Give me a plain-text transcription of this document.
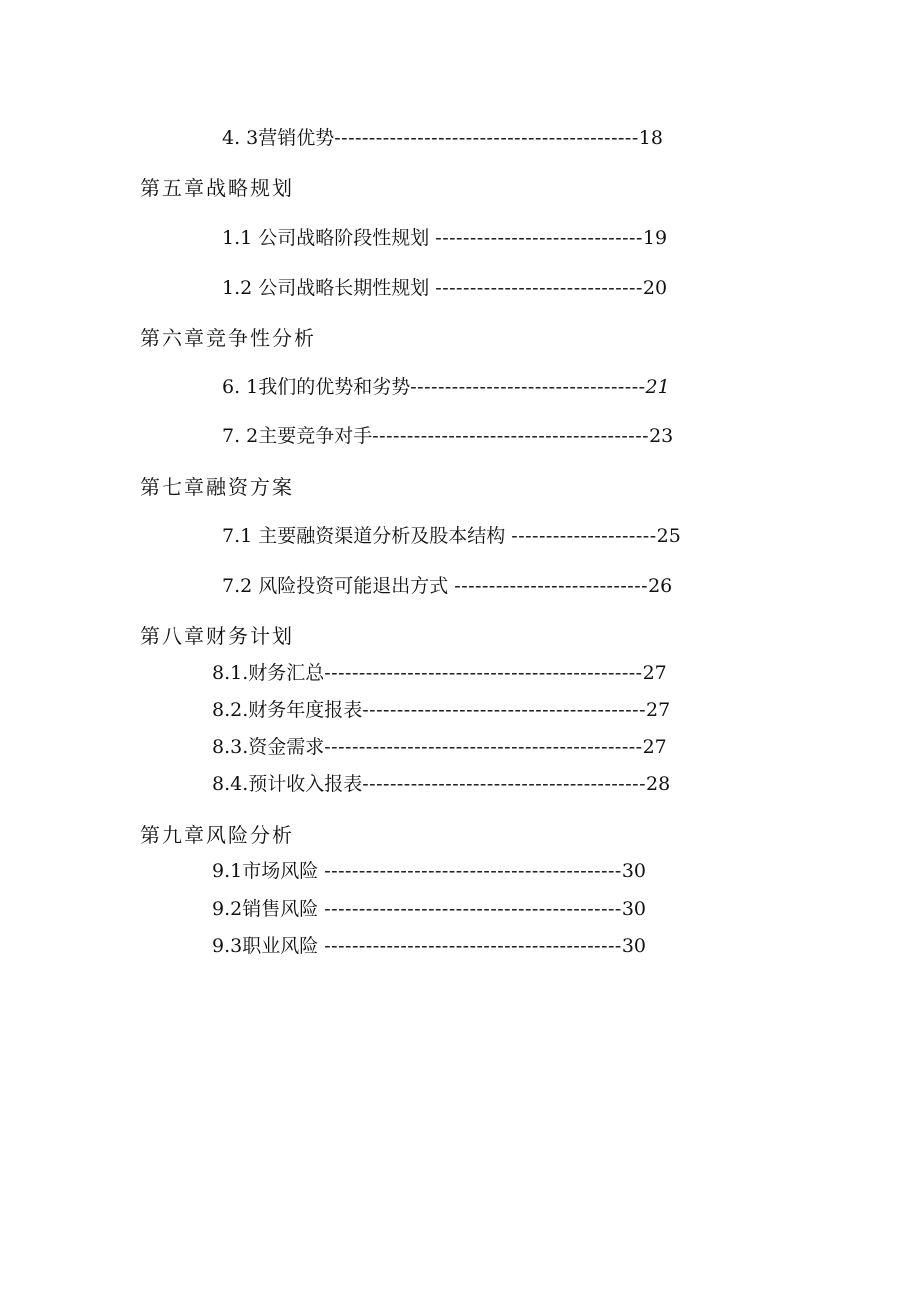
4. 3营销优势--------------------------------------------18
第五章战略规划
1.1 公司战略阶段性规划 ------------------------------19
1.2 公司战略长期性规划 ------------------------------20
第六章竞争性分析
6. 1我们的优势和劣势----------------------------------21
7. 2主要竞争对手----------------------------------------23
第七章融资方案
7.1 主要融资渠道分析及股本结构 ---------------------25
7.2 风险投资可能退出方式 ----------------------------26
第八章财务计划
8.1.财务汇总----------------------------------------------27
8.2.财务年度报表-----------------------------------------27
8.3.资金需求----------------------------------------------27
8.4.预计收入报表-----------------------------------------28
第九章风险分析
9.1市场风险 -------------------------------------------30
9.2销售风险 -------------------------------------------30
9.3职业风险 -------------------------------------------30
